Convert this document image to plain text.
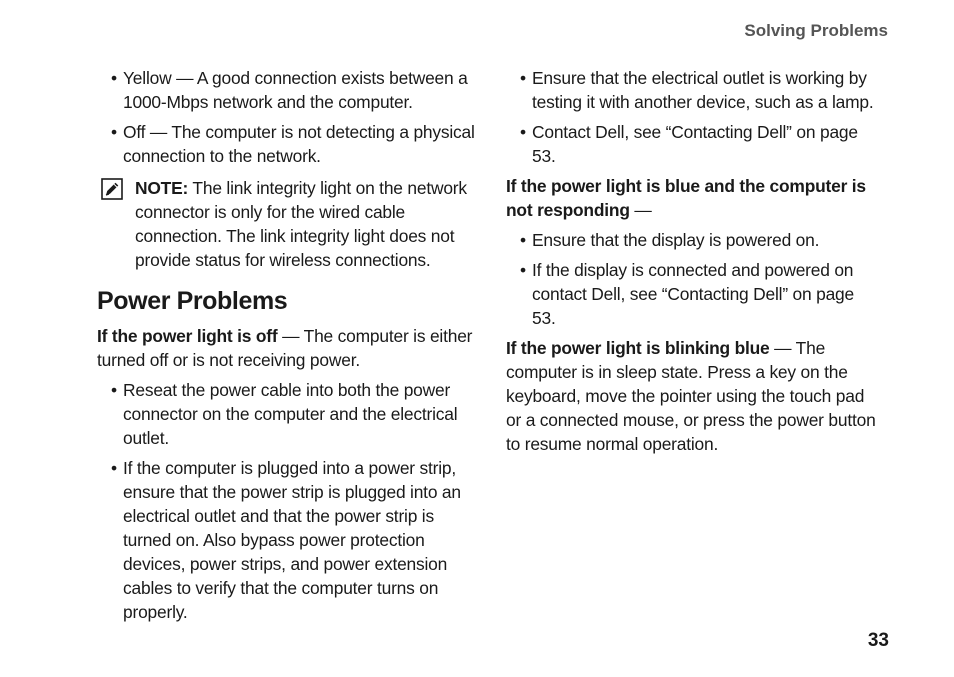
Solving Problems
• Yellow — A good connection exists between a 1000-Mbps network and the computer.
• Off — The computer is not detecting a physical connection to the network.
NOTE: The link integrity light on the network connector is only for the wired cable connection. The link integrity light does not provide status for wireless connections.
Power Problems
If the power light is off — The computer is either turned off or is not receiving power.
• Reseat the power cable into both the power connector on the computer and the electrical outlet.
• If the computer is plugged into a power strip, ensure that the power strip is plugged into an electrical outlet and that the power strip is turned on. Also bypass power protection devices, power strips, and power extension cables to verify that the computer turns on properly.
• Ensure that the electrical outlet is working by testing it with another device, such as a lamp.
• Contact Dell, see “Contacting Dell” on page 53.
If the power light is blue and the computer is not responding —
• Ensure that the display is powered on.
• If the display is connected and powered on contact Dell, see “Contacting Dell” on page 53.
If the power light is blinking blue — The computer is in sleep state. Press a key on the keyboard, move the pointer using the touch pad or a connected mouse, or press the power button to resume normal operation.
33
